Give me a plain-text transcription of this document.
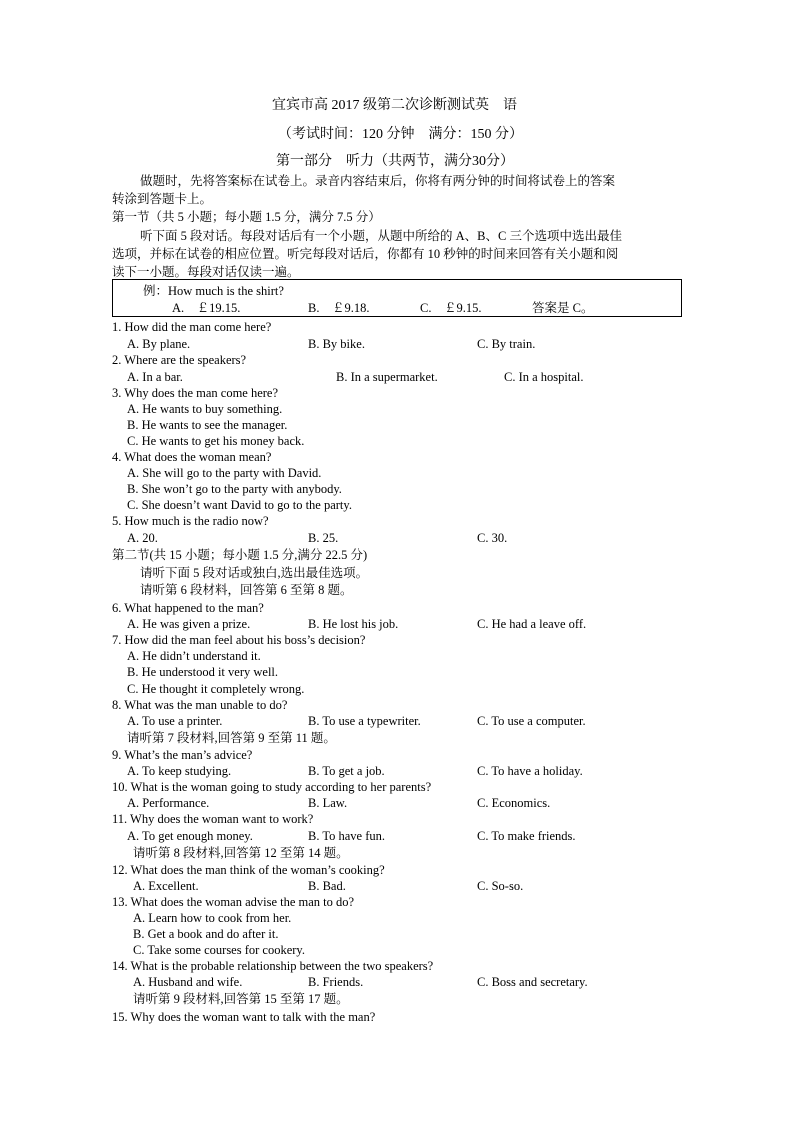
宜宾市高 2017 级第二次诊断测试英　语
（考试时间：120 分钟　满分：150 分）
第一部分　听力（共两节，满分30分）
做题时，先将答案标在试卷上。录音内容结束后，你将有两分钟的时间将试卷上的答案
转涂到答题卡上。
第一节（共 5 小题；每小题 1.5 分，满分 7.5 分）
听下面 5 段对话。每段对话后有一个小题，从题中所给的 A、B、C 三个选项中选出最佳
选项，并标在试卷的相应位置。听完每段对话后，你都有 10 秒钟的时间来回答有关小题和阅
读下一小题。每段对话仅读一遍。
例：How much is the shirt?
A.　￡19.15.	B.　￡9.18.	C.　￡9.15.	答案是 C。
1. How did the man come here?
A. By plane.	B. By bike.	C. By train.
2. Where are the speakers?
A. In a bar.	B. In a supermarket.	C. In a hospital.
3. Why does the man come here?
A. He wants to buy something.
B. He wants to see the manager.
C. He wants to get his money back.
4. What does the woman mean?
A. She will go to the party with David.
B. She won’t go to the party with anybody.
C. She doesn’t want David to go to the party.
5. How much is the radio now?
A. 20.	B. 25.	C. 30.
第二节(共 15 小题；每小题 1.5 分,满分 22.5 分)
请听下面 5 段对话或独白,选出最佳选项。
请听第 6 段材料，回答第 6 至第 8 题。
6. What happened to the man?
A. He was given a prize.	B. He lost his job.	C. He had a leave off.
7. How did the man feel about his boss’s decision?
A. He didn’t understand it.
B. He understood it very well.
C. He thought it completely wrong.
8. What was the man unable to do?
A. To use a printer.	B. To use a typewriter.	C. To use a computer.
请听第 7 段材料,回答第 9 至第 11 题。
9. What’s the man’s advice?
A. To keep studying.	B. To get a job.	C. To have a holiday.
10. What is the woman going to study according to her parents?
A. Performance.	B. Law.	C. Economics.
11. Why does the woman want to work?
A. To get enough money.	B. To have fun.	C. To make friends.
请听第 8 段材料,回答第 12 至第 14 题。
12. What does the man think of the woman’s cooking?
A. Excellent.	B. Bad.	C. So-so.
13. What does the woman advise the man to do?
A. Learn how to cook from her.
B. Get a book and do after it.
C. Take some courses for cookery.
14. What is the probable relationship between the two speakers?
A. Husband and wife.	B. Friends.	C. Boss and secretary.
请听第 9 段材料,回答第 15 至第 17 题。
15. Why does the woman want to talk with the man?
